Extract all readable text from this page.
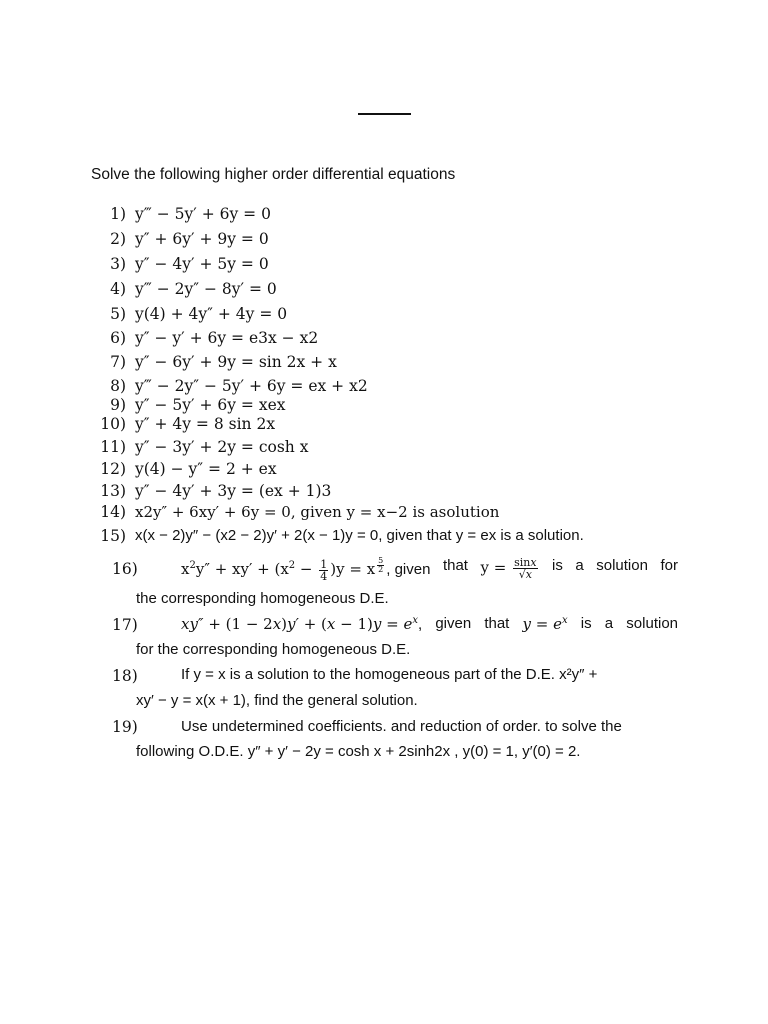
Solve the following higher order differential equations
1) y‴ − 5y′ + 6y = 0
2) y″ + 6y′ + 9y = 0
3) y″ − 4y′ + 5y = 0
4) y‴ − 2y″ − 8y′ = 0
5) y(4) + 4y″ + 4y = 0
6) y″ − y′ + 6y = e3x − x2
7) y″ − 6y′ + 9y = sin 2x + x
8) y‴ − 2y″ − 5y′ + 6y = ex + x2
9) y″ − 5y′ + 6y = xex
10) y″ + 4y = 8 sin 2x
11) y″ − 3y′ + 2y = cosh x
12) y(4) − y″ = 2 + ex
13) y″ − 4y′ + 3y = (ex + 1)3
14) x2y″ + 6xy′ + 6y = 0, given y = x−2 is asolution
15) x(x − 2)y″ − (x2 − 2)y′ + 2(x − 1)y = 0, given that y = ex is a solution.
16)	$x^2y'' + xy' + (x^2 - \frac{1}{4} )y = x$ $^{\frac{5}{2}}$ , given that $y = \frac{\sin x}{√x}$ is a solution for
the corresponding homogeneous D.E.
17)	$xy'' + (1 - 2x)y' + (x - 1)y = e^x$, given that $y = e^x$ is a solution
for the corresponding homogeneous D.E.
18)	If y = x is a solution to the homogeneous part of the D.E. x²y″ +
xy′ − y = x(x + 1), find the general solution.
19)	Use undetermined coefficients. and reduction of order. to solve the
following O.D.E. y″ + y′ − 2y = cosh x + 2sinh2x , y(0) = 1, y′(0) = 2.
